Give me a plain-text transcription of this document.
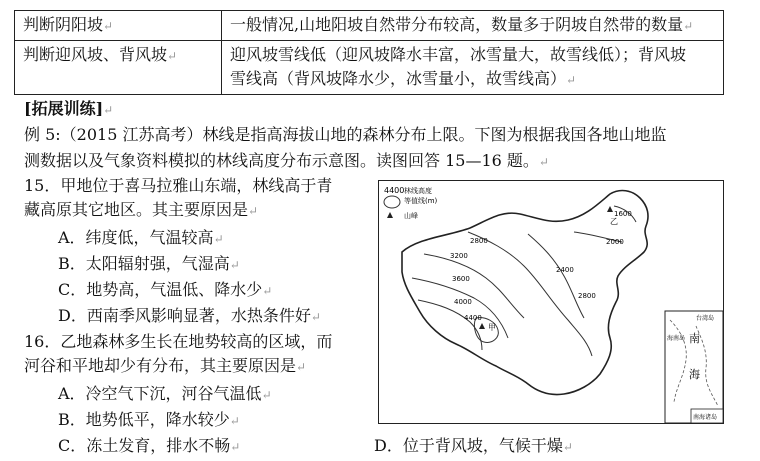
判断阴阳坡↵	一般情况,山地阳坡自然带分布较高，数量多于阴坡自然带的数量↵
判断迎风坡、背风坡↵	迎风坡雪线低（迎风坡降水丰富，冰雪量大，故雪线低）；背风坡
雪线高（背风坡降水少，冰雪量小，故雪线高）↵
[拓展训练]↵
例 5:（2015 江苏高考）林线是指高海拔山地的森林分布上限。下图为根据我国各地山地监
测数据以及气象资料模拟的林线高度分布示意图。读图回答 15—16 题。↵
15．甲地位于喜马拉雅山东端，林线高于青
藏高原其它地区。其主要原因是↵
A．纬度低，气温较高↵
B．太阳辐射强，气湿高↵
C．地势高，气温低、降水少↵
D．西南季风影响显著，水热条件好↵
16．乙地森林多生长在地势较高的区域，而
河谷和平地却少有分布，其主要原因是↵
A．冷空气下沉，河谷气温低↵
B．地势低平，降水较少↵
C．冻土发育，排水不畅↵	D．位于背风坡，气候干燥↵
4400 林线高度
等值线(m)
山峰	1600
2000
2400
2800
3200
3600
4000
2800
4400
甲
乙
台湾岛
海南岛 南
海
南海诸岛
